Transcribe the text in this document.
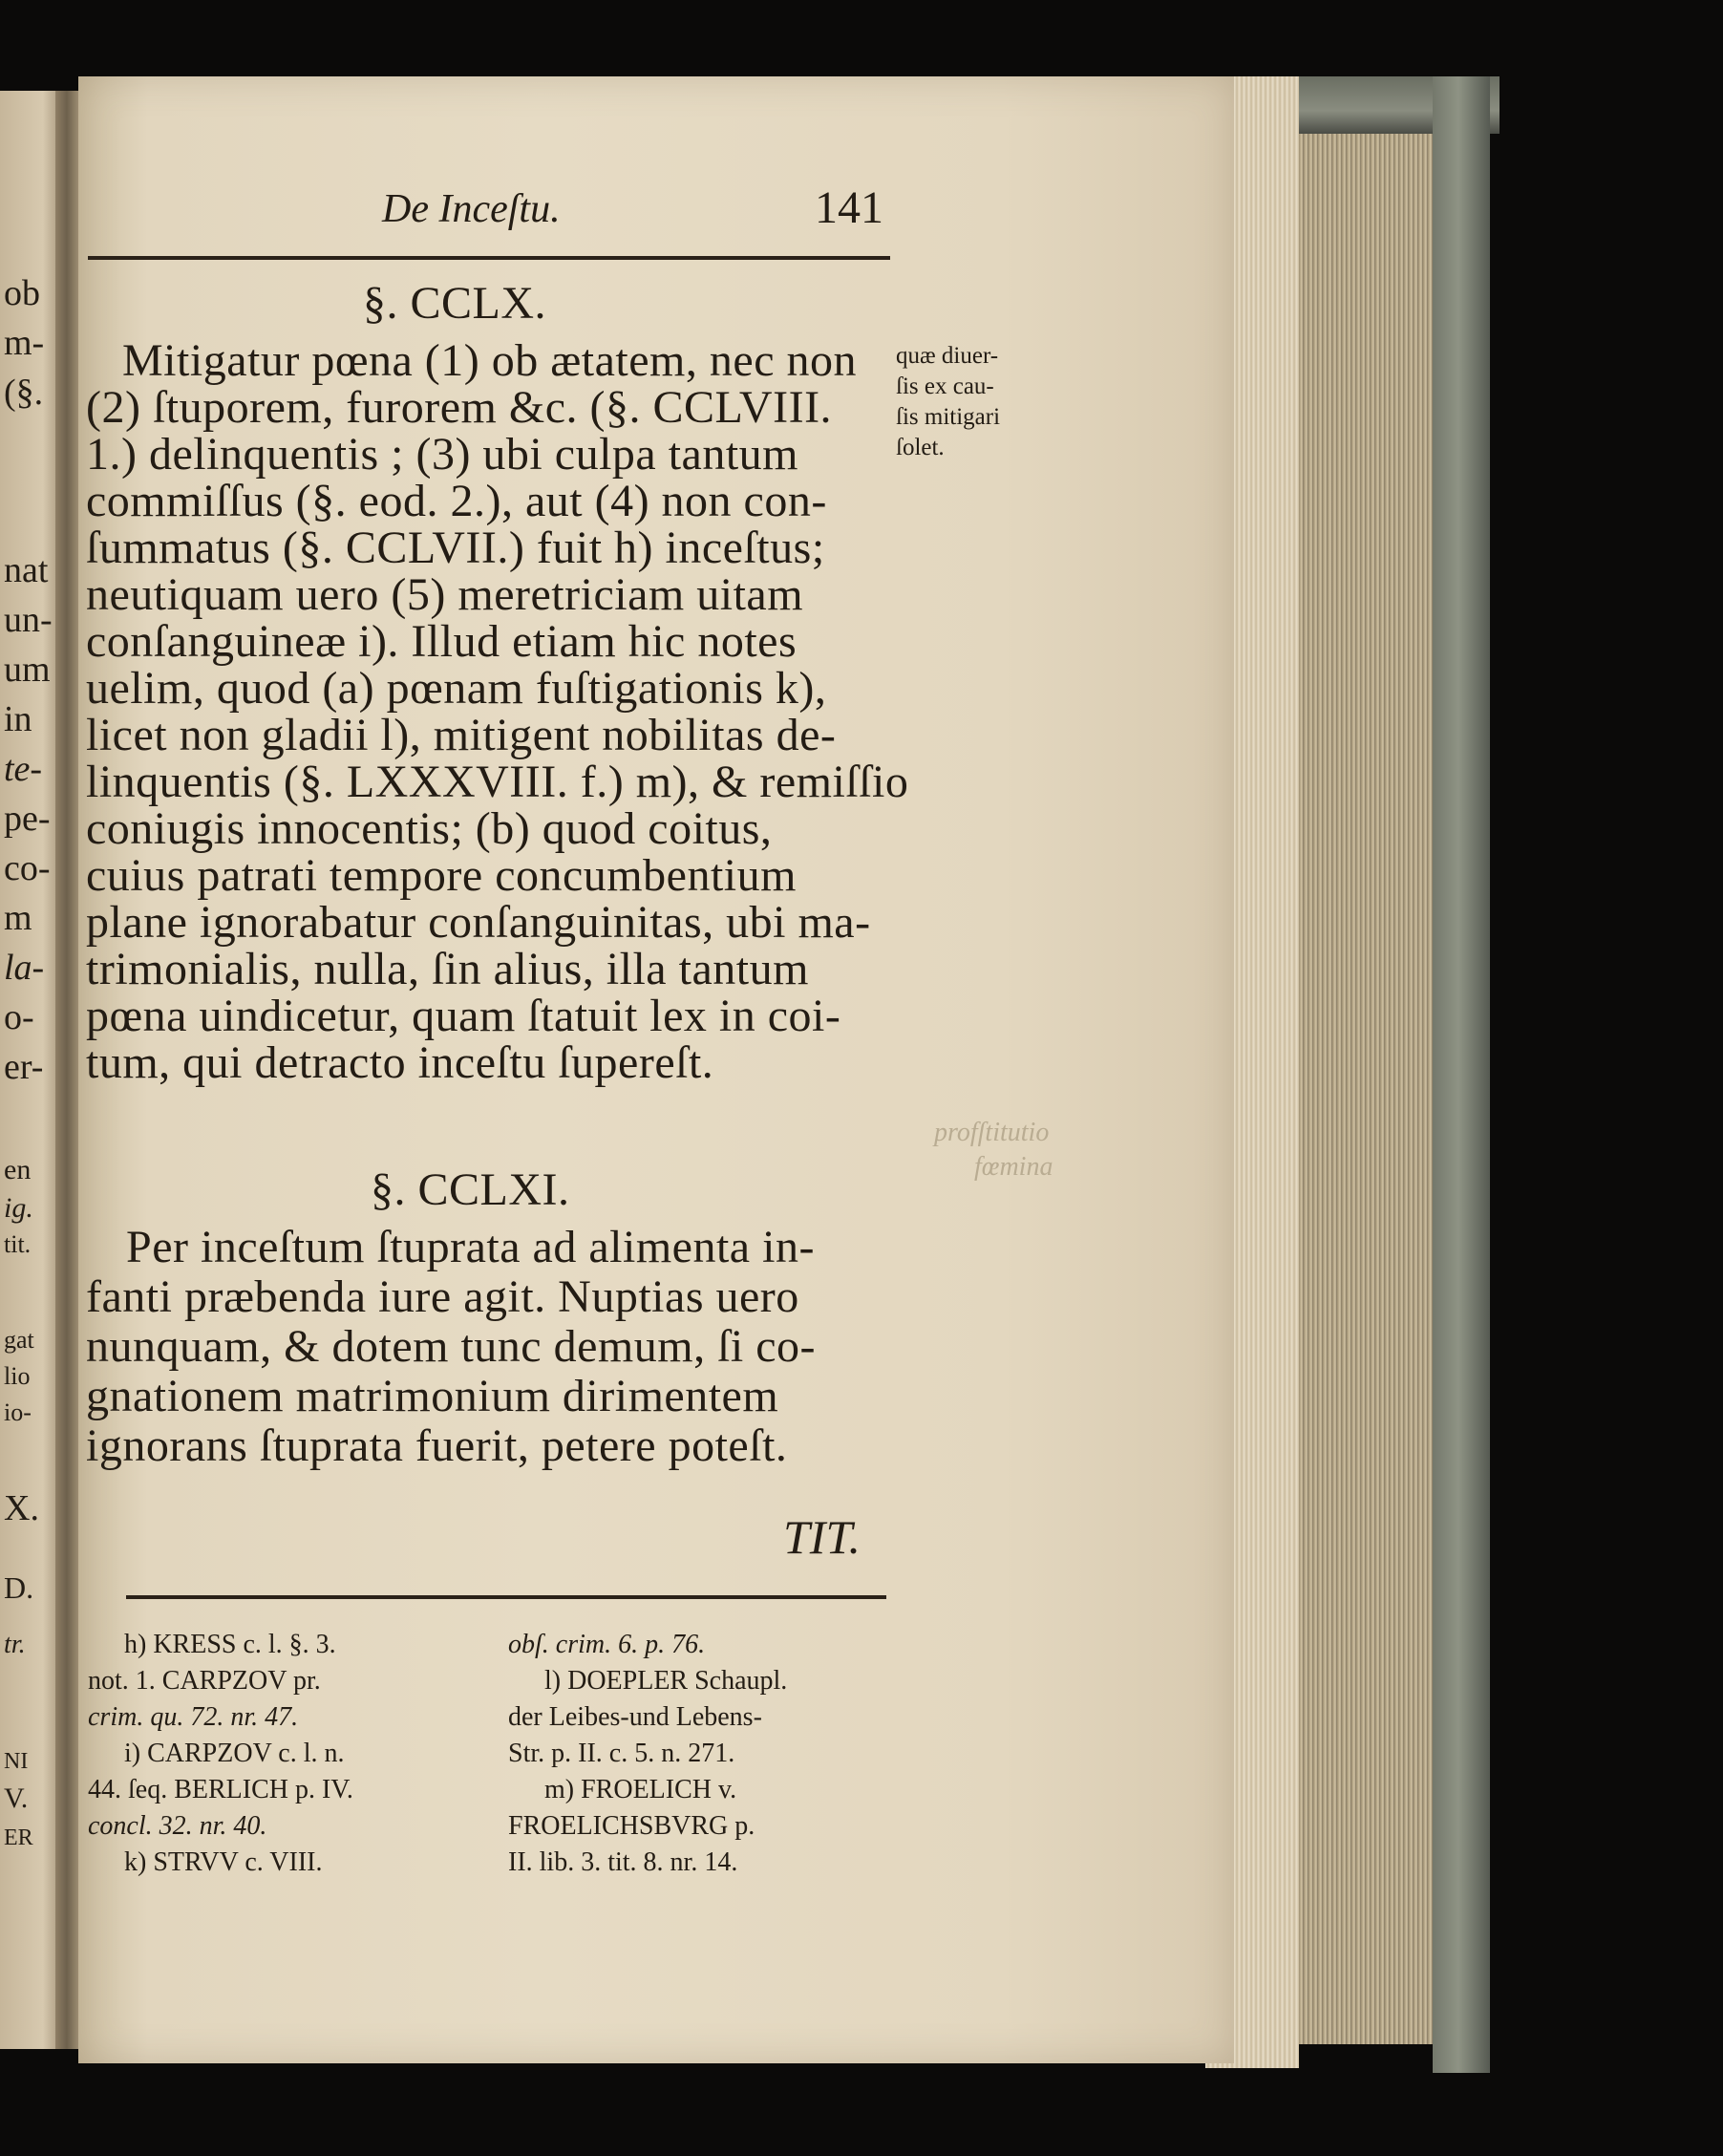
ob
m-
(§.
nat
un-
um
in
te-
pe-
co-
m
la-
o-
er-
en
ig.
tit.
gat
lio
io-
X.
D.
tr.
NI
V.
ER
De Inceſtu.	141
§. CCLX.
Mitigatur pœna (1) ob ætatem, nec non
(2) ſtuporem, furorem &c. (§. CCLVIII.
1.) delinquentis ; (3) ubi culpa tantum
commiſſus (§. eod. 2.), aut (4) non con-
ſummatus (§. CCLVII.) fuit h) inceſtus;
neutiquam uero (5) meretriciam uitam
conſanguineæ i). Illud etiam hic notes
uelim, quod (a) pœnam fuſtigationis k),
licet non gladii l), mitigent nobilitas de-
linquentis (§. LXXXVIII. f.) m), & remiſſio
coniugis innocentis; (b) quod coitus,
cuius patrati tempore concumbentium
plane ignorabatur conſanguinitas, ubi ma-
trimonialis, nulla, ſin alius, illa tantum
pœna uindicetur, quam ſtatuit lex in coi-
tum, qui detracto inceſtu ſupereſt.
quæ diuer-
ſis ex cau-
ſis mitigari
ſolet.
profſtitutio
fœmina
§. CCLXI.
Per inceſtum ſtuprata ad alimenta in-
fanti præbenda iure agit. Nuptias uero
nunquam, & dotem tunc demum, ſi co-
gnationem matrimonium dirimentem
ignorans ſtuprata fuerit, petere poteſt.
TIT.
h) KRESS c. l. §. 3.
not. 1. CARPZOV pr.
crim. qu. 72. nr. 47.
i) CARPZOV c. l. n.
44. ſeq. BERLICH p. IV.
concl. 32. nr. 40.
k) STRVV c. VIII.
obſ. crim. 6. p. 76.
l) DOEPLER Schaupl.
der Leibes-und Lebens-
Str. p. II. c. 5. n. 271.
m) FROELICH v.
FROELICHSBVRG p.
II. lib. 3. tit. 8. nr. 14.
